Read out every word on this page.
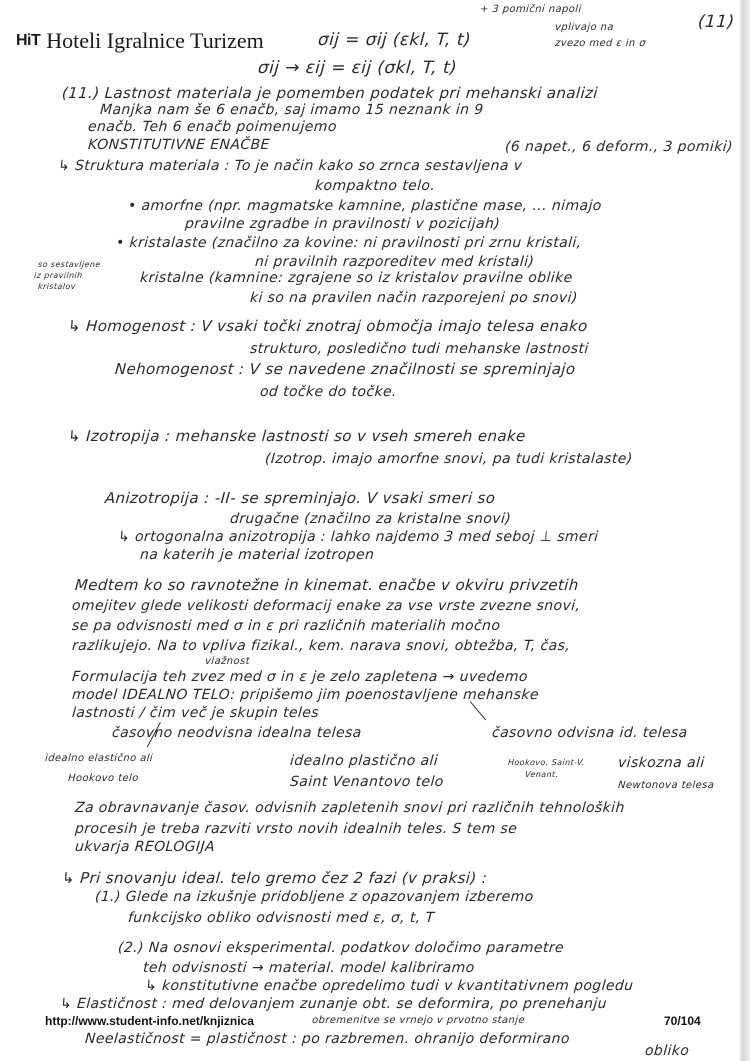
HiT Hoteli Igralnice Turizem
+ 3 pomični napoli
vplivajo na
zvezo med ε in σ
(11)
σij = σij (εkl, T, t)
σij → εij = εij (σkl, T, t)
(11.) Lastnost materiala je pomemben podatek pri mehanski analizi
Manjka nam še 6 enačb, saj imamo 15 neznank in 9
enačb. Teh 6 enačb poimenujemo
KONSTITUTIVNE ENAČBE	(6 napet., 6 deform., 3 pomiki)
↳ Struktura materiala : To je način kako so zrnca sestavljena v
kompaktno telo.
• amorfne (npr. magmatske kamnine, plastične mase, ... nimajo
pravilne zgradbe in pravilnosti v pozicijah)
• kristalaste (značilno za kovine: ni pravilnosti pri zrnu kristali,
ni pravilnih razporeditev med kristali)
so sestavljene
iz pravilnih
kristalov
kristalne (kamnine: zgrajene so iz kristalov pravilne oblike
ki so na pravilen način razporejeni po snovi)
↳ Homogenost : V vsaki točki znotraj območja imajo telesa enako
strukturo, posledično tudi mehanske lastnosti
Nehomogenost : V se navedene značilnosti se spreminjajo
od točke do točke.
↳ Izotropija : mehanske lastnosti so v vseh smereh enake
(Izotrop. imajo amorfne snovi, pa tudi kristalaste)
Anizotropija : -II- se spreminjajo. V vsaki smeri so
drugačne (značilno za kristalne snovi)
↳ ortogonalna anizotropija : lahko najdemo 3 med seboj ⊥ smeri
na katerih je material izotropen
Medtem ko so ravnotežne in kinemat. enačbe v okviru privzetih
omejitev glede velikosti deformacij enake za vse vrste zvezne snovi,
se pa odvisnosti med σ in ε pri različnih materialih močno
razlikujejo. Na to vpliva fizikal., kem. narava snovi, obtežba, T, čas,
vlažnost
Formulacija teh zvez med σ in ε je zelo zapletena → uvedemo
model IDEALNO TELO: pripišemo jim poenostavljene mehanske
lastnosti / čim več je skupin teles
časovno neodvisna idealna telesa	časovno odvisna id. telesa
idealno elastično ali
Hookovo telo
idealno plastično ali
Saint Venantovo telo
Hookovo, Saint-V.
Venant.
viskozna ali
Newtonova telesa
Za obravnavanje časov. odvisnih zapletenih snovi pri različnih tehnoloških
procesih je treba razviti vrsto novih idealnih teles. S tem se
ukvarja REOLOGIJA
↳ Pri snovanju ideal. telo gremo čez 2 fazi (v praksi) :
(1.) Glede na izkušnje pridobljene z opazovanjem izberemo
funkcijsko obliko odvisnosti med ε, σ, t, T
(2.) Na osnovi eksperimental. podatkov določimo parametre
teh odvisnosti → material. model kalibriramo
↳ konstitutivne enačbe opredelimo tudi v kvantitativnem pogledu
↳ Elastičnost : med delovanjem zunanje obt. se deformira, po prenehanju
obremenitve se vrnejo v prvotno stanje
Neelastičnost = plastičnost : po razbremen. ohranijo deformirano
obliko
http://www.student-info.net/knjiznica	70/104
